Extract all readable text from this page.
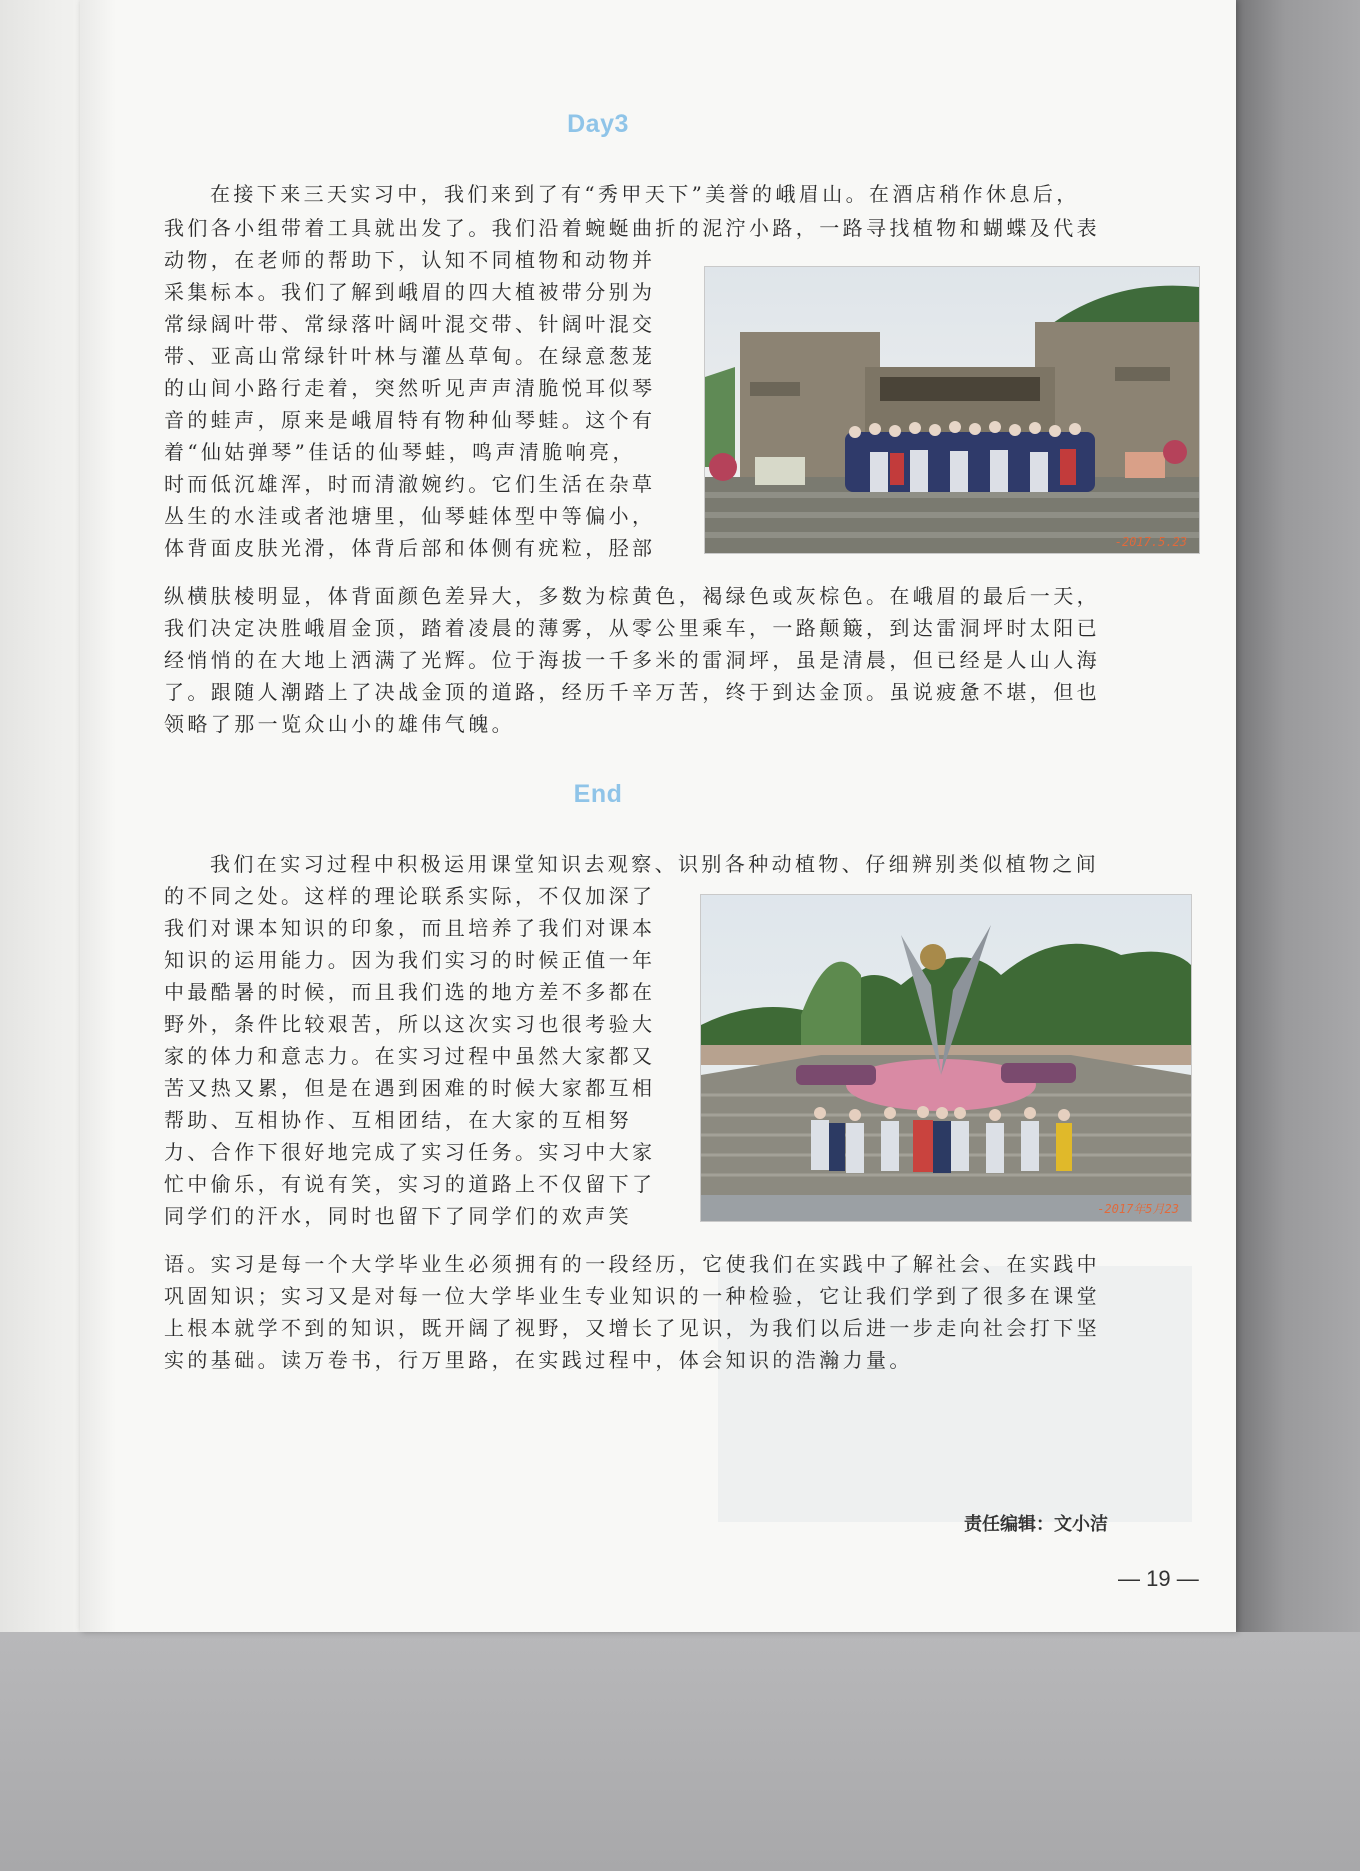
Day3
在接下来三天实习中，我们来到了有“秀甲天下”美誉的峨眉山。在酒店稍作休息后，
我们各小组带着工具就出发了。我们沿着蜿蜒曲折的泥泞小路，一路寻找植物和蝴蝶及代表
动物，在老师的帮助下，认知不同植物和动物并
采集标本。我们了解到峨眉的四大植被带分别为
常绿阔叶带、常绿落叶阔叶混交带、针阔叶混交
带、亚高山常绿针叶林与灌丛草甸。在绿意葱茏
的山间小路行走着，突然听见声声清脆悦耳似琴
音的蛙声，原来是峨眉特有物种仙琴蛙。这个有
着“仙姑弹琴”佳话的仙琴蛙，鸣声清脆响亮，
时而低沉雄浑，时而清澈婉约。它们生活在杂草
丛生的水洼或者池塘里，仙琴蛙体型中等偏小，
体背面皮肤光滑，体背后部和体侧有疣粒，胫部
纵横肤棱明显，体背面颜色差异大，多数为棕黄色，褐绿色或灰棕色。在峨眉的最后一天，
我们决定决胜峨眉金顶，踏着凌晨的薄雾，从零公里乘车，一路颠簸，到达雷洞坪时太阳已
经悄悄的在大地上洒满了光辉。位于海拔一千多米的雷洞坪，虽是清晨，但已经是人山人海
了。跟随人潮踏上了决战金顶的道路，经历千辛万苦，终于到达金顶。虽说疲惫不堪，但也
领略了那一览众山小的雄伟气魄。
-2017.5.23
End
我们在实习过程中积极运用课堂知识去观察、识别各种动植物、仔细辨别类似植物之间
的不同之处。这样的理论联系实际，不仅加深了
我们对课本知识的印象，而且培养了我们对课本
知识的运用能力。因为我们实习的时候正值一年
中最酷暑的时候，而且我们选的地方差不多都在
野外，条件比较艰苦，所以这次实习也很考验大
家的体力和意志力。在实习过程中虽然大家都又
苦又热又累，但是在遇到困难的时候大家都互相
帮助、互相协作、互相团结，在大家的互相努
力、合作下很好地完成了实习任务。实习中大家
忙中偷乐，有说有笑，实习的道路上不仅留下了
同学们的汗水，同时也留下了同学们的欢声笑
语。实习是每一个大学毕业生必须拥有的一段经历，它使我们在实践中了解社会、在实践中
巩固知识；实习又是对每一位大学毕业生专业知识的一种检验，它让我们学到了很多在课堂
上根本就学不到的知识，既开阔了视野，又增长了见识，为我们以后进一步走向社会打下坚
实的基础。读万卷书，行万里路，在实践过程中，体会知识的浩瀚力量。
-2017年5月23
责任编辑：文小洁
— 19 —
